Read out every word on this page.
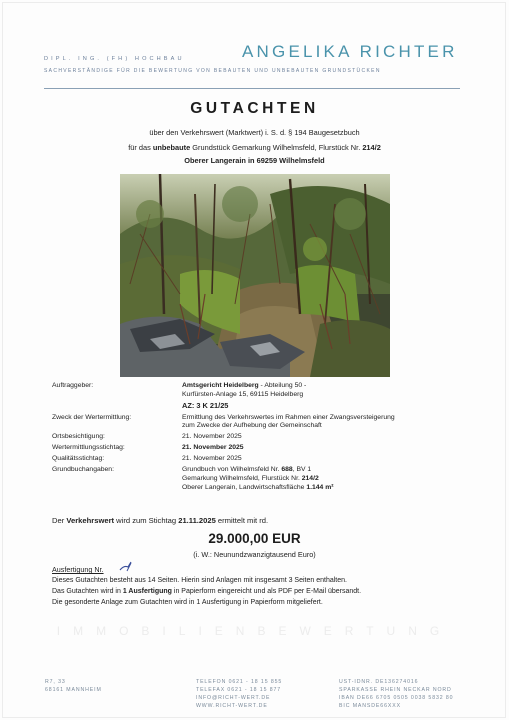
DIPL. ING. (FH) HOCHBAU	ANGELIKA RICHTER
SACHVERSTÄNDIGE FÜR DIE BEWERTUNG VON BEBAUTEN UND UNBEBAUTEN GRUNDSTÜCKEN
GUTACHTEN
über den Verkehrswert (Marktwert) i. S. d. § 194 Baugesetzbuch
für das unbebaute Grundstück Gemarkung Wilhelmsfeld, Flurstück Nr. 214/2
Oberer Langerain in 69259 Wilhelmsfeld
Auftraggeber:	Amtsgericht Heidelberg - Abteilung 50 -
Kurfürsten-Anlage 15, 69115 Heidelberg
AZ: 3 K 21/25
Zweck der Wertermittlung:	Ermittlung des Verkehrswertes im Rahmen einer Zwangsversteigerung
zum Zwecke der Aufhebung der Gemeinschaft
Ortsbesichtigung:	21. November 2025
Wertermittlungsstichtag:	21. November 2025
Qualitätsstichtag:	21. November 2025
Grundbuchangaben:	Grundbuch von Wilhelmsfeld Nr. 688, BV 1
Gemarkung Wilhelmsfeld, Flurstück Nr. 214/2
Oberer Langerain, Landwirtschaftsfläche 1.144 m²
Der Verkehrswert wird zum Stichtag 21.11.2025 ermittelt mit rd.
29.000,00 EUR
(i. W.: Neunundzwanzigtausend Euro)
Ausfertigung Nr.
Dieses Gutachten besteht aus 14 Seiten. Hierin sind Anlagen mit insgesamt 3 Seiten enthalten.
Das Gutachten wird in 1 Ausfertigung in Papierform eingereicht und als PDF per E-Mail übersandt.
Die gesonderte Anlage zum Gutachten wird in 1 Ausfertigung in Papierform mitgeliefert.
IMMOBILIENBEWERTUNG
R7, 33
68161 MANNHEIM
TELEFON 0621 - 18 15 855
TELEFAX 0621 - 18 15 877
INFO@RICHT-WERT.DE
WWW.RICHT-WERT.DE
UST-IDNR. DE136274016
SPARKASSE RHEIN NECKAR NORD
IBAN DE66 6705 0505 0038 5832 80
BIC MANSDE66XXX
